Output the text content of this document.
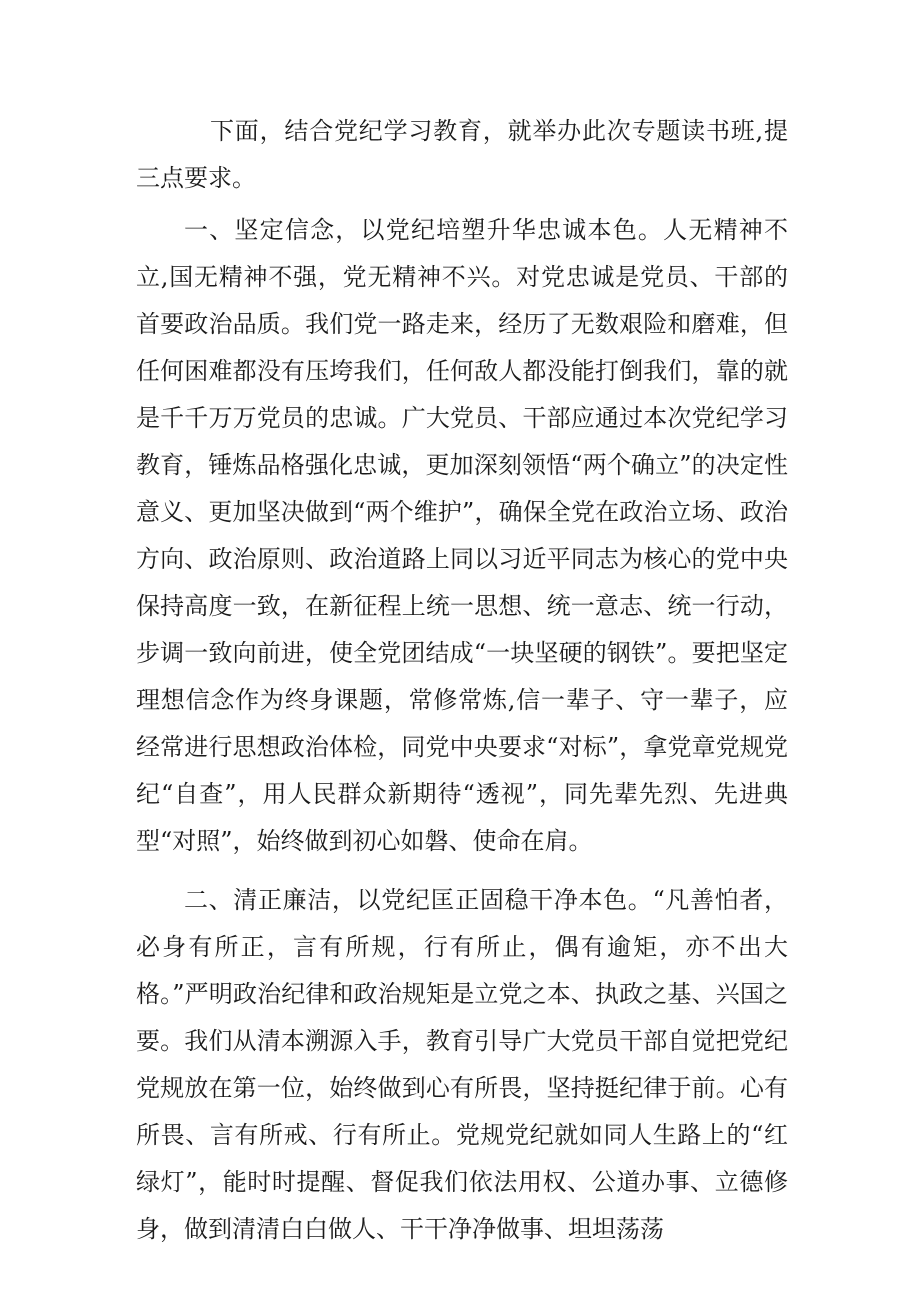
下面，结合党纪学习教育，就举办此次专题读书班,提三点要求。

一、坚定信念，以党纪培塑升华忠诚本色。人无精神不立,国无精神不强，党无精神不兴。对党忠诚是党员、干部的首要政治品质。我们党一路走来，经历了无数艰险和磨难，但任何困难都没有压垮我们，任何敌人都没能打倒我们，靠的就是千千万万党员的忠诚。广大党员、干部应通过本次党纪学习教育，锤炼品格强化忠诚，更加深刻领悟“两个确立”的决定性意义、更加坚决做到“两个维护”，确保全党在政治立场、政治方向、政治原则、政治道路上同以习近平同志为核心的党中央保持高度一致，在新征程上统一思想、统一意志、统一行动，步调一致向前进，使全党团结成“一块坚硬的钢铁”。要把坚定理想信念作为终身课题，常修常炼,信一辈子、守一辈子，应经常进行思想政治体检，同党中央要求“对标”，拿党章党规党纪“自查”，用人民群众新期待“透视”，同先辈先烈、先进典型“对照”，始终做到初心如磐、使命在肩。

二、清正廉洁，以党纪匡正固稳干净本色。“凡善怕者，必身有所正，言有所规，行有所止，偶有逾矩，亦不出大格。”严明政治纪律和政治规矩是立党之本、执政之基、兴国之要。我们从清本溯源入手，教育引导广大党员干部自觉把党纪党规放在第一位，始终做到心有所畏，坚持挺纪律于前。心有所畏、言有所戒、行有所止。党规党纪就如同人生路上的“红绿灯”，能时时提醒、督促我们依法用权、公道办事、立德修身，做到清清白白做人、干干净净做事、坦坦荡荡
